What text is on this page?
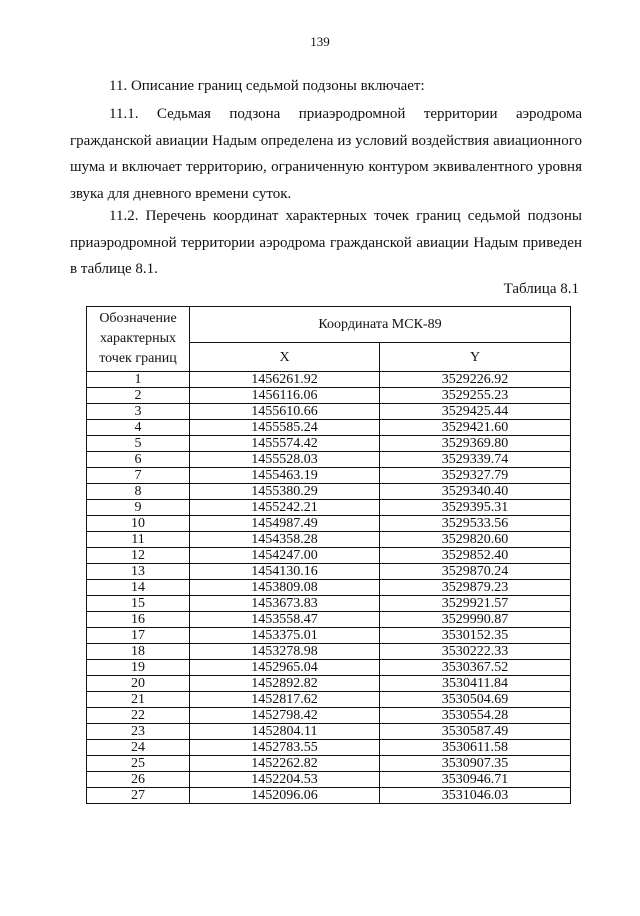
139

11. Описание границ седьмой подзоны включает:

11.1. Седьмая подзона приаэродромной территории аэродрома гражданской авиации Надым определена из условий воздействия авиационного шума и включает территорию, ограниченную контуром эквивалентного уровня звука для дневного времени суток.

11.2. Перечень координат характерных точек границ седьмой подзоны приаэродромной территории аэродрома гражданской авиации Надым приведен в таблице 8.1.

Таблица 8.1
Обозначение характерных точек границ	Координата МСК-89	
	X	Y
1	1456261.92	3529226.92
2	1456116.06	3529255.23
3	1455610.66	3529425.44
4	1455585.24	3529421.60
5	1455574.42	3529369.80
6	1455528.03	3529339.74
7	1455463.19	3529327.79
8	1455380.29	3529340.40
9	1455242.21	3529395.31
10	1454987.49	3529533.56
11	1454358.28	3529820.60
12	1454247.00	3529852.40
13	1454130.16	3529870.24
14	1453809.08	3529879.23
15	1453673.83	3529921.57
16	1453558.47	3529990.87
17	1453375.01	3530152.35
18	1453278.98	3530222.33
19	1452965.04	3530367.52
20	1452892.82	3530411.84
21	1452817.62	3530504.69
22	1452798.42	3530554.28
23	1452804.11	3530587.49
24	1452783.55	3530611.58
25	1452262.82	3530907.35
26	1452204.53	3530946.71
27	1452096.06	3531046.03
